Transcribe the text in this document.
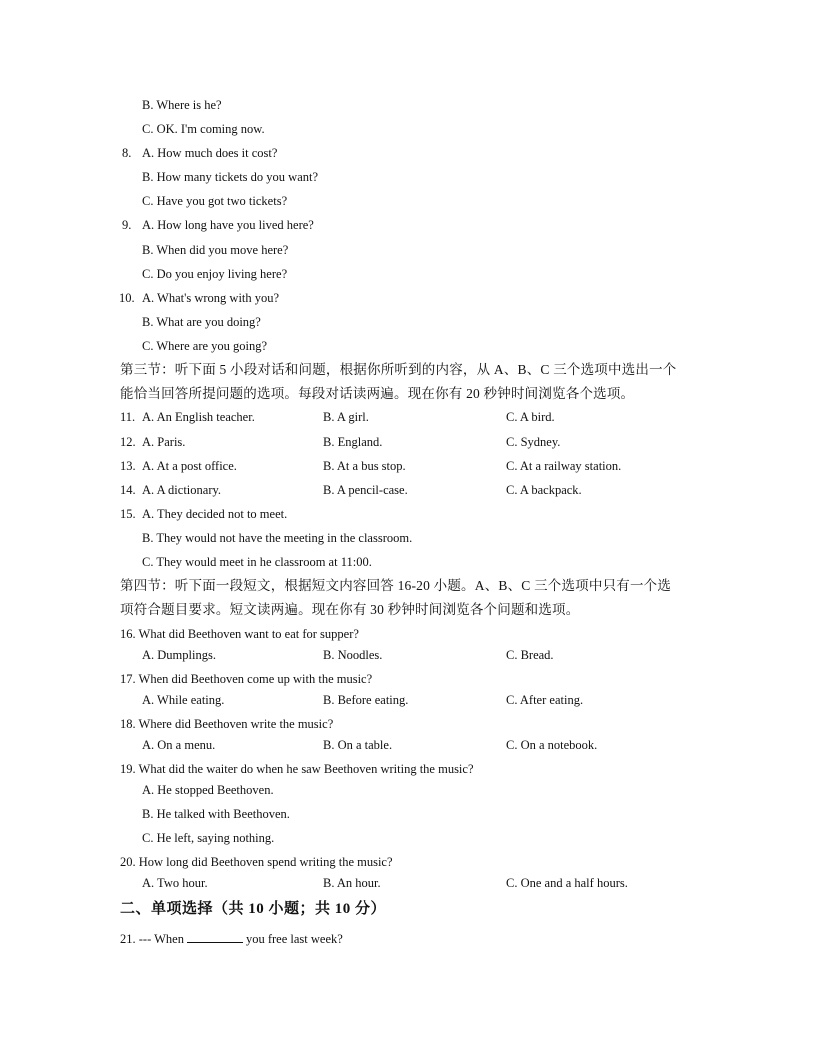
B. Where is he?
C. OK. I'm coming now.
8. A. How much does it cost?
B. How many tickets do you want?
C. Have you got two tickets?
9. A. How long have you lived here?
B. When did you move here?
C. Do you enjoy living here?
10. A. What's wrong with you?
B. What are you doing?
C. Where are you going?
第三节：听下面 5 小段对话和问题，根据你所听到的内容，从 A、B、C 三个选项中选出一个
能恰当回答所提问题的选项。每段对话读两遍。现在你有 20 秒钟时间浏览各个选项。
11. A. An English teacher.	B. A girl.	C. A bird.
12. A. Paris.	B. England.	C. Sydney.
13. A. At a post office.	B. At a bus stop.	C. At a railway station.
14. A. A dictionary.	B. A pencil-case.	C. A backpack.
15. A. They decided not to meet.
B. They would not have the meeting in the classroom.
C. They would meet in he classroom at 11:00.
第四节：听下面一段短文，根据短文内容回答 16-20 小题。A、B、C 三个选项中只有一个选
项符合题目要求。短文读两遍。现在你有 30 秒钟时间浏览各个问题和选项。
16. What did Beethoven want to eat for supper?
A. Dumplings.	B. Noodles.	C. Bread.
17. When did Beethoven come up with the music?
A. While eating.	B. Before eating.	C. After eating.
18. Where did Beethoven write the music?
A. On a menu.	B. On a table.	C. On a notebook.
19. What did the waiter do when he saw Beethoven writing the music?
A. He stopped Beethoven.
B. He talked with Beethoven.
C. He left, saying nothing.
20. How long did Beethoven spend writing the music?
A. Two hour.	B. An hour.	C. One and a half hours.
二、单项选择（共 10 小题；共 10 分）
21. --- When	you free last week?
